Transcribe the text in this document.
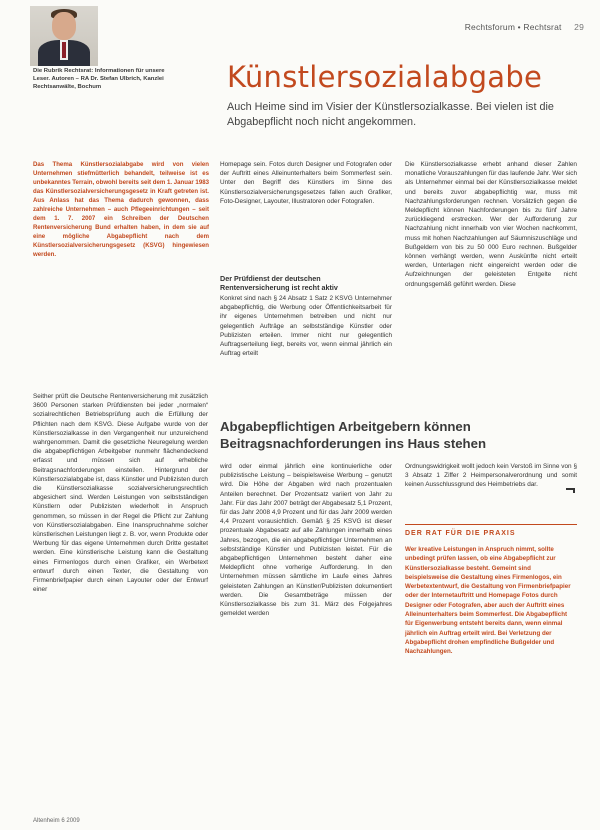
Rechtsforum • Rechtsrat 29
Die Rubrik Rechtsrat: Informationen für unsere Leser. Autoren – RA Dr. Stefan Ulbrich, Kanzlei Rechtsanwälte, Bochum	Künstlersozialabgabe
Auch Heime sind im Visier der Künstlersozialkasse. Bei vielen ist die Abgabepflicht noch nicht angekommen.
Das Thema Künstlersozialabgabe wird von vielen Unternehmen stiefmütterlich behandelt, teilweise ist es unbekanntes Terrain, obwohl bereits seit dem 1. Januar 1983 das Künstlersozialversicherungsgesetz in Kraft getreten ist. Aus Anlass hat das Thema dadurch gewonnen, dass zahlreiche Unternehmen – auch Pflegeeinrichtungen – seit dem 1. 7. 2007 ein Schreiben der Deutschen Rentenversicherung Bund erhalten haben, in dem sie auf eine mögliche Abgabepflicht nach dem Künstlersozialversicherungsgesetz (KSVG) hingewiesen werden.
Seither prüft die Deutsche Rentenversicherung mit zusätzlich 3600 Personen starken Prüfdiensten bei jeder „normalen“ sozialrechtlichen Betriebsprüfung auch die Erfüllung der Pflichten nach dem KSVG. Diese Aufgabe wurde von der Künstlersozialkasse in den Vergangenheit nur unzureichend wahrgenommen. Damit die gesetzliche Neuregelung werden die abgabepflichtigen Arbeitgeber nunmehr flächendeckend erfasst und müssen sich auf erhebliche Beitragsnachforderungen einstellen. Hintergrund der Künstlersozialabgabe ist, dass Künstler und Publizisten durch die Künstlersozialkasse sozialversicherungsrechtlich abgesichert sind. Werden Leistungen von selbstständigen Künstlern oder Publizisten wiederholt in Anspruch genommen, so müssen in der Regel die Pflicht zur Zahlung von Künstlersozialabgaben. Eine Inanspruchnahme solcher künstlerischen Leistungen liegt z. B. vor, wenn Produkte oder Werbung für das eigene Unternehmen durch Dritte gestaltet werden. Eine künstlerische Leistung kann die Gestaltung eines Firmenlogos durch einen Grafiker, ein Werbetext entwurf durch einen Texter, die Gestaltung von Firmenbriefpapier durch einen Layouter oder der Entwurf einer
Homepage sein. Fotos durch Designer und Fotografen oder der Auftritt eines Alleinunterhalters beim Sommerfest sein. Unter den Begriff des Künstlers im Sinne des Künstlersozialversicherungsgesetzes fallen auch Grafiker, Foto-Designer, Layouter, Illustratoren oder Fotografen.
Der Prüfdienst der deutschen Rentenversicherung ist recht aktiv
Konkret sind nach § 24 Absatz 1 Satz 2 KSVG Unternehmer abgabepflichtig, die Werbung oder Öffentlichkeitsarbeit für ihr eigenes Unternehmen betreiben und nicht nur gelegentlich Aufträge an selbstständige Künstler oder Publizisten erteilen. Immer nicht nur gelegentlich Auftragserteilung liegt, bereits vor, wenn einmal jährlich ein Auftrag erteilt
Die Künstlersozialkasse erhebt anhand dieser Zahlen monatliche Vorauszahlungen für das laufende Jahr. Wer sich als Unternehmer einmal bei der Künstlersozialkasse meldet und bereits zuvor abgabepflichtig war, muss mit Nachzahlungsforderungen rechnen. Vorsätzlich gegen die Meldepflicht können Nachforderungen bis zu fünf Jahre zurückliegend erstrecken. Wer der Aufforderung zur Nachzahlung nicht innerhalb von vier Wochen nachkommt, muss mit hohen Nachzahlungen auf Säumniszuschläge und Bußgeldern von bis zu 50 000 Euro rechnen. Bußgelder können verhängt werden, wenn Auskünfte nicht erteilt werden, Unterlagen nicht eingereicht werden oder die Aufzeichnungen der geleisteten Entgelte nicht ordnungsgemäß geführt werden. Diese
Abgabepflichtigen Arbeitgebern können Beitragsnachforderungen ins Haus stehen
wird oder einmal jährlich eine kontinuierliche oder publizistische Leistung – beispielsweise Werbung – genutzt wird. Die Höhe der Abgaben wird nach prozentualen Anteilen berechnet. Der Prozentsatz variiert von Jahr zu Jahr. Für das Jahr 2007 beträgt der Abgabesatz 5,1 Prozent, für das Jahr 2008 4,9 Prozent und für das Jahr 2009 werden 4,4 Prozent vorausichtlich. Gemäß § 25 KSVG ist dieser prozentuale Abgabesatz auf alle Zahlungen innerhalb eines Jahres, bezogen, die ein abgabepflichtiger Unternehmen an selbstständige Künstler und Publizisten leistet. Für die abgabepflichtigen Unternehmen besteht daher eine Meldepflicht ohne vorherige Aufforderung. In den Unternehmen müssen sämtliche im Laufe eines Jahres geleisteten Zahlungen an Künstler/Publizisten dokumentiert werden. Die Gesamtbeträge müssen der Künstlersozialkasse bis zum 31. März des Folgejahres gemeldet werden
Ordnungswidrigkeit wollt jedoch kein Verstoß im Sinne von § 3 Absatz 1 Ziffer 2 Heimpersonalverordnung und somit keinen Ausschlussgrund des Heimbetriebs dar.
DER RAT FÜR DIE PRAXIS
Wer kreative Leistungen in Anspruch nimmt, sollte unbedingt prüfen lassen, ob eine Abgabepflicht zur Künstlersozialkasse besteht. Gemeint sind beispielsweise die Gestaltung eines Firmenlogos, ein Werbetextentwurf, die Gestaltung von Firmenbriefpapier oder der Internetauftritt und Homepage Fotos durch Designer oder Fotografen, aber auch der Auftritt eines Alleinunterhalters beim Sommerfest. Die Abgabepflicht für Eigenwerbung entsteht bereits dann, wenn einmal jährlich ein Auftrag erteilt wird. Bei Verletzung der Abgabepflicht drohen empfindliche Bußgelder und Nachzahlungen.
Altenheim 6 2009
